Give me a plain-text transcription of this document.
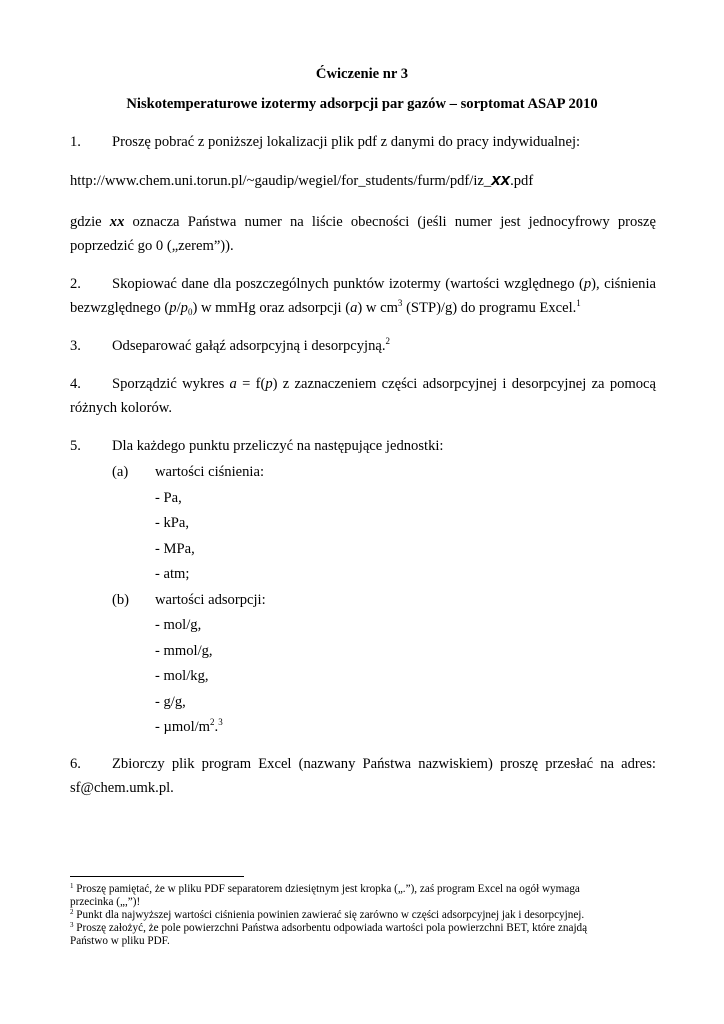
Ćwiczenie nr 3
Niskotemperaturowe izotermy adsorpcji par gazów – sorptomat ASAP 2010
1. Proszę pobrać z poniższej lokalizacji plik pdf z danymi do pracy indywidualnej:
http://www.chem.uni.torun.pl/~gaudip/wegiel/for_students/furm/pdf/iz_xx.pdf
gdzie xx oznacza Państwa numer na liście obecności (jeśli numer jest jednocyfrowy proszę
poprzedzić go 0 („zerem”)).
2. Skopiować dane dla poszczególnych punktów izotermy (wartości względnego (p), ciśnienia
bezwzględnego $(p/p_0)$ w mmHg oraz adsorpcji (a) w $cm^3$ (STP)/g) do programu Excel.$^1$
3. Odseparować gałąź adsorpcyjną i desorpcyjną.$^2$
4. Sporządzić wykres a = f(p) z zaznaczeniem części adsorpcyjnej i desorpcyjnej za pomocą
różnych kolorów.
5. Dla każdego punktu przeliczyć na następujące jednostki:
(a) wartości ciśnienia:
- Pa,
- kPa,
- MPa,
- atm;
(b) wartości adsorpcji:
- mol/g,
- mmol/g,
- mol/kg,
- g/g,
- µmol/$m^2.^3$
6. Zbiorczy plik program Excel (nazwany Państwa nazwiskiem) proszę przesłać na adres:
sf@chem.umk.pl.
$^1$ Proszę pamiętać, że w pliku PDF separatorem dziesiętnym jest kropka („.”), zaś program Excel na ogół wymaga
przecinka („,”)!
$^2$ Punkt dla najwyższej wartości ciśnienia powinien zawierać się zarówno w części adsorpcyjnej jak i desorpcyjnej.
$^3$ Proszę założyć, że pole powierzchni Państwa adsorbentu odpowiada wartości pola powierzchni BET, które znajdą
Państwo w pliku PDF.
